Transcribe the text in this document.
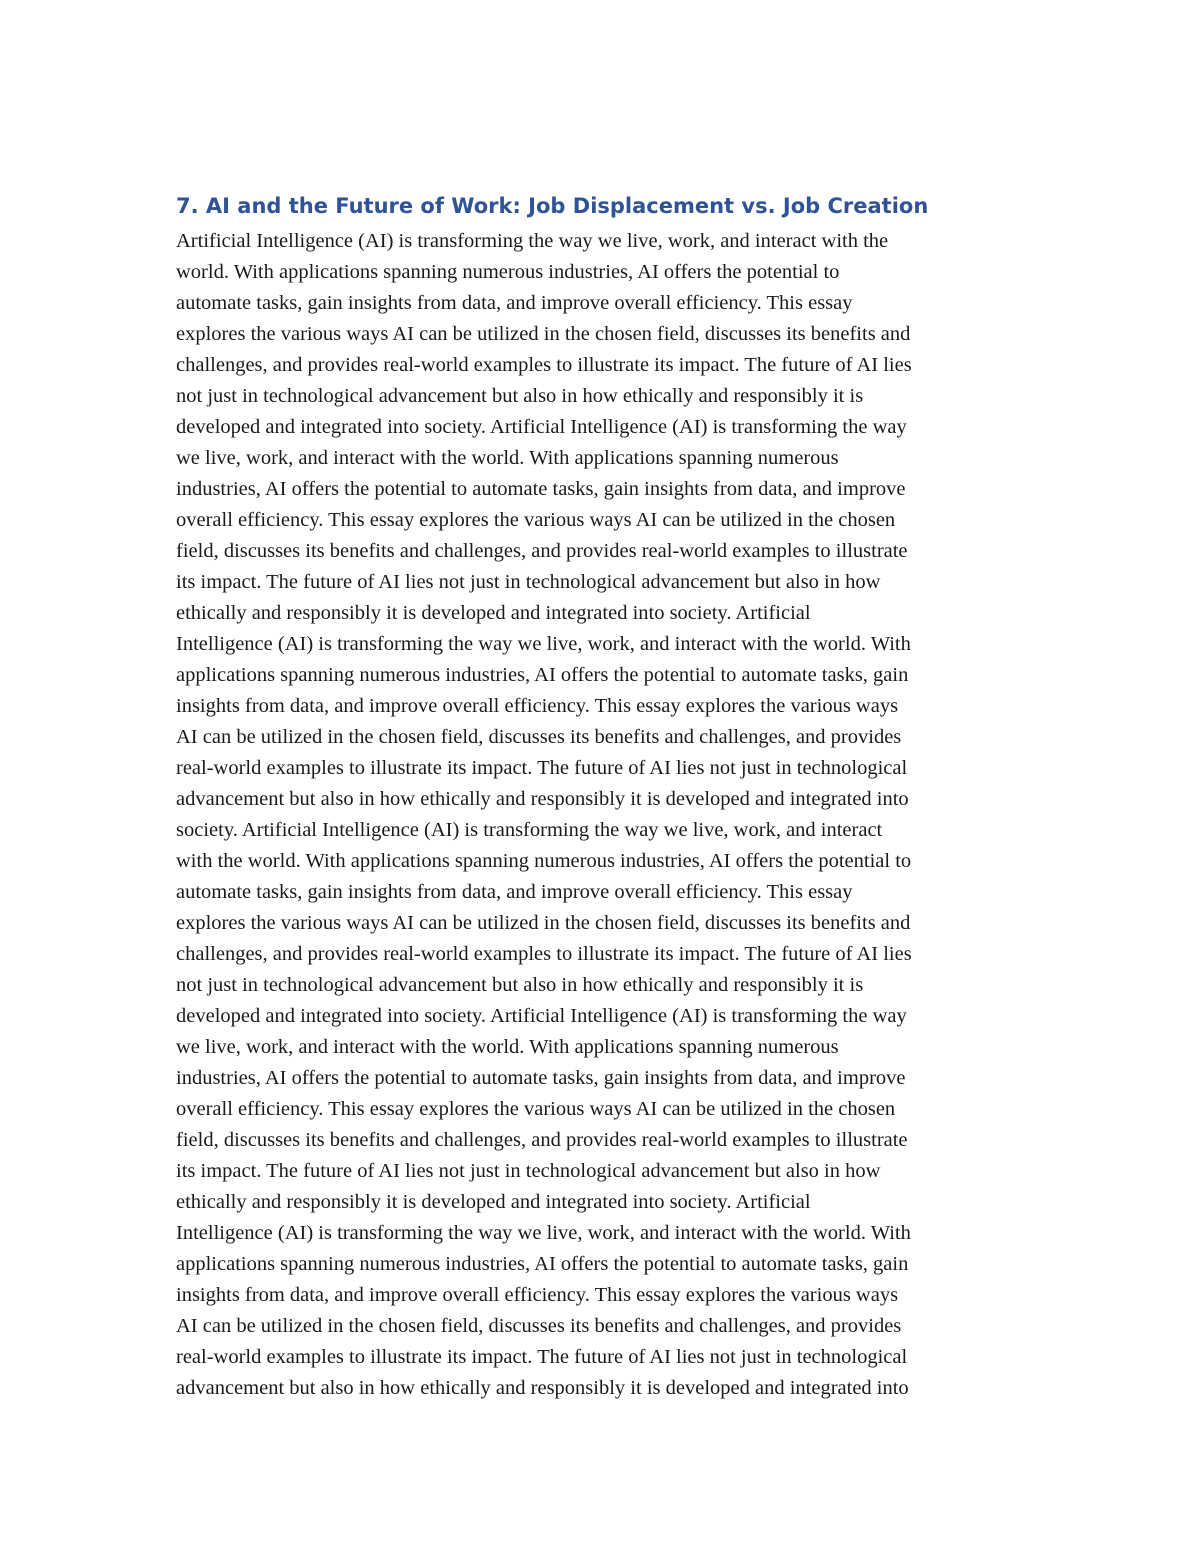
7. AI and the Future of Work: Job Displacement vs. Job Creation
Artificial Intelligence (AI) is transforming the way we live, work, and interact with the
world. With applications spanning numerous industries, AI offers the potential to
automate tasks, gain insights from data, and improve overall efficiency. This essay
explores the various ways AI can be utilized in the chosen field, discusses its benefits and
challenges, and provides real-world examples to illustrate its impact. The future of AI lies
not just in technological advancement but also in how ethically and responsibly it is
developed and integrated into society. Artificial Intelligence (AI) is transforming the way
we live, work, and interact with the world. With applications spanning numerous
industries, AI offers the potential to automate tasks, gain insights from data, and improve
overall efficiency. This essay explores the various ways AI can be utilized in the chosen
field, discusses its benefits and challenges, and provides real-world examples to illustrate
its impact. The future of AI lies not just in technological advancement but also in how
ethically and responsibly it is developed and integrated into society. Artificial
Intelligence (AI) is transforming the way we live, work, and interact with the world. With
applications spanning numerous industries, AI offers the potential to automate tasks, gain
insights from data, and improve overall efficiency. This essay explores the various ways
AI can be utilized in the chosen field, discusses its benefits and challenges, and provides
real-world examples to illustrate its impact. The future of AI lies not just in technological
advancement but also in how ethically and responsibly it is developed and integrated into
society. Artificial Intelligence (AI) is transforming the way we live, work, and interact
with the world. With applications spanning numerous industries, AI offers the potential to
automate tasks, gain insights from data, and improve overall efficiency. This essay
explores the various ways AI can be utilized in the chosen field, discusses its benefits and
challenges, and provides real-world examples to illustrate its impact. The future of AI lies
not just in technological advancement but also in how ethically and responsibly it is
developed and integrated into society. Artificial Intelligence (AI) is transforming the way
we live, work, and interact with the world. With applications spanning numerous
industries, AI offers the potential to automate tasks, gain insights from data, and improve
overall efficiency. This essay explores the various ways AI can be utilized in the chosen
field, discusses its benefits and challenges, and provides real-world examples to illustrate
its impact. The future of AI lies not just in technological advancement but also in how
ethically and responsibly it is developed and integrated into society. Artificial
Intelligence (AI) is transforming the way we live, work, and interact with the world. With
applications spanning numerous industries, AI offers the potential to automate tasks, gain
insights from data, and improve overall efficiency. This essay explores the various ways
AI can be utilized in the chosen field, discusses its benefits and challenges, and provides
real-world examples to illustrate its impact. The future of AI lies not just in technological
advancement but also in how ethically and responsibly it is developed and integrated into
